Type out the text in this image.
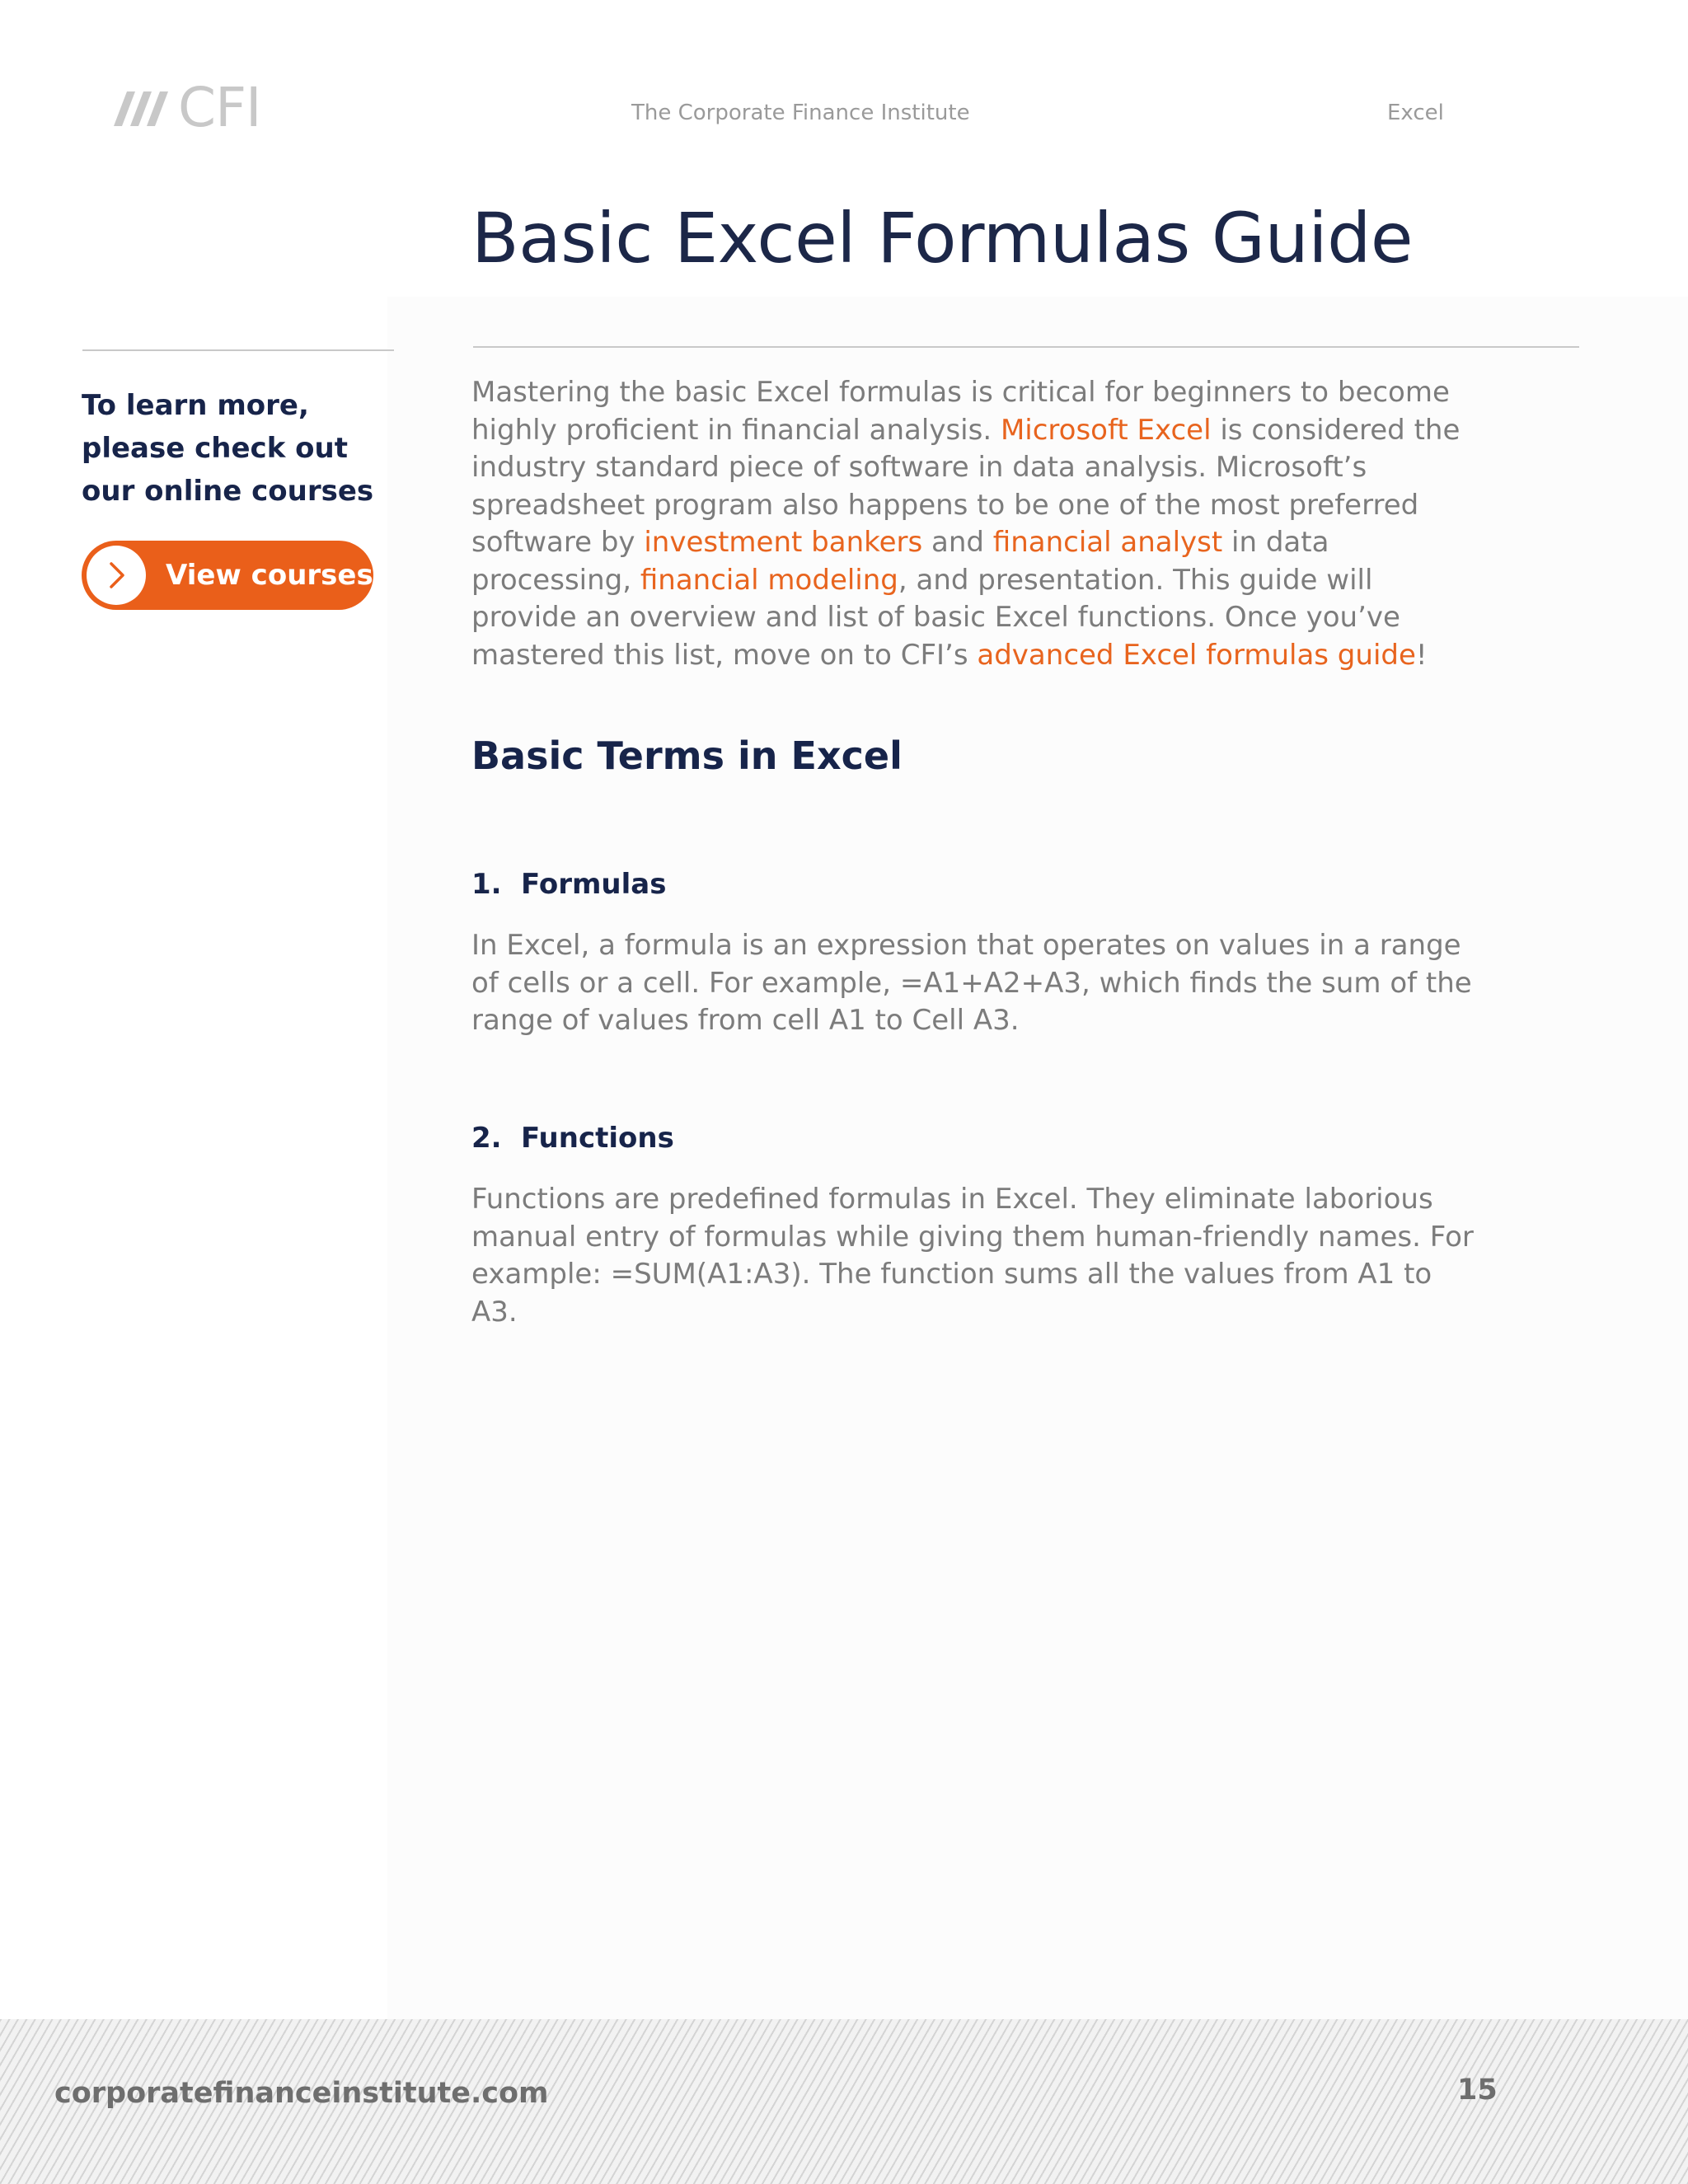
CFI	The Corporate Finance Institute	Excel
Basic Excel Formulas Guide
To learn more, please check out our online courses
View courses

Mastering the basic Excel formulas is critical for beginners to become highly proficient in financial analysis. Microsoft Excel is considered the industry standard piece of software in data analysis. Microsoft’s spreadsheet program also happens to be one of the most preferred software by investment bankers and financial analyst in data processing, financial modeling, and presentation. This guide will provide an overview and list of basic Excel functions. Once you’ve mastered this list, move on to CFI’s advanced Excel formulas guide!

Basic Terms in Excel
1. Formulas

In Excel, a formula is an expression that operates on values in a range of cells or a cell. For example, =A1+A2+A3, which finds the sum of the range of values from cell A1 to Cell A3.

2. Functions

Functions are predefined formulas in Excel. They eliminate laborious manual entry of formulas while giving them human-friendly names. For example: =SUM(A1:A3). The function sums all the values from A1 to A3.

corporatefinanceinstitute.com	15
